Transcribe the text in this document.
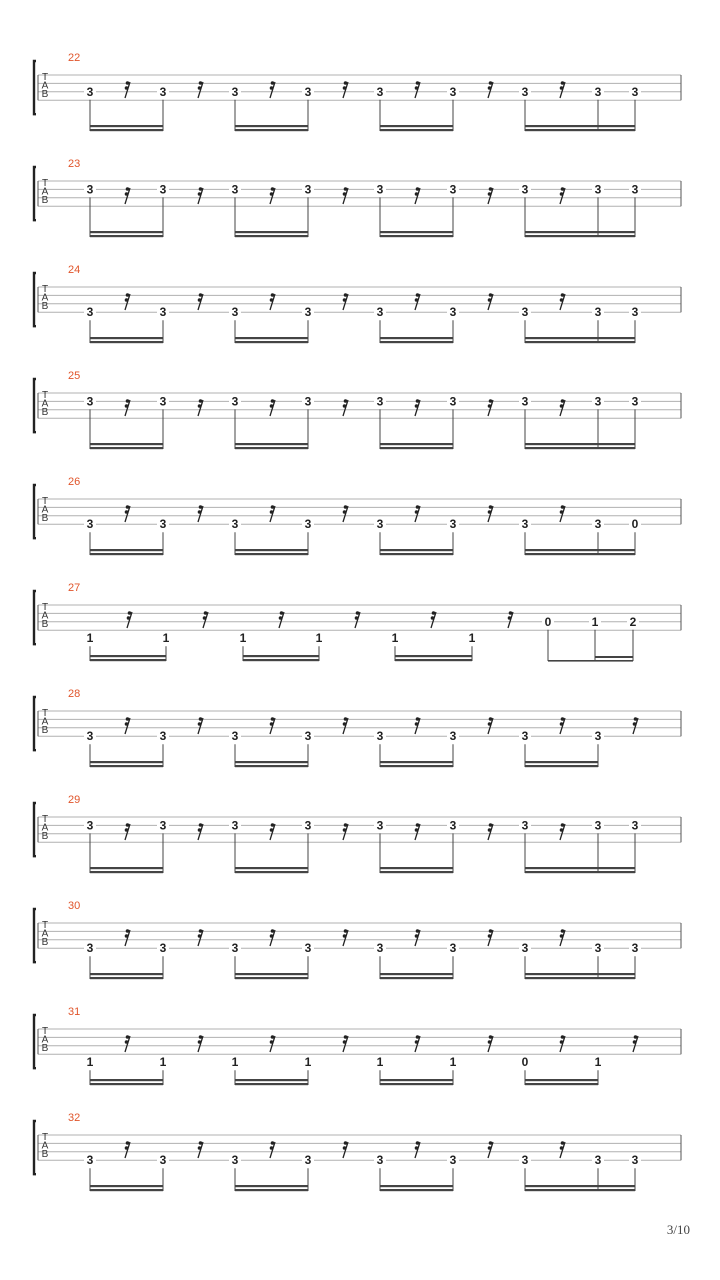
T
A
B
22
3	3	3	3	3	3	3	3	3
T
A
B
23
3	3	3	3	3	3	3	3	3
T
A
B
24
3	3	3	3	3	3	3	3	3
T
A
B
25
3	3	3	3	3	3	3	3	3
T
A
B
26
3	3	3	3	3	3	3	3	0
T
A
B
27
1	1	1	1	1	1
0	1	2
T
A
B
28
3	3	3	3	3	3	3	3
T
A
B
29
3	3	3	3	3	3	3	3	3
T
A
B
30
3	3	3	3	3	3	3	3	3
T
A
B
31
1	1	1	1	1	1	0	1
T
A
B
32
3	3	3	3	3	3	3	3	3
3/10
